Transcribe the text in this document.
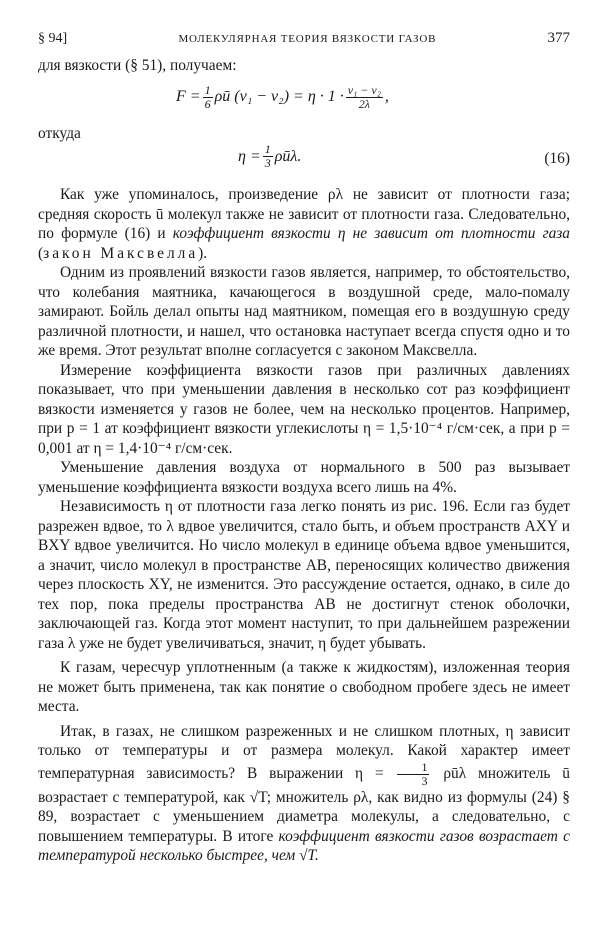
§ 94]	МОЛЕКУЛЯРНАЯ ТЕОРИЯ ВЯЗКОСТИ ГАЗОВ	377

для вязкости (§ 51), получаем:

$F = \frac{1}{6}$ ρū $(v_1 - v_2) = \eta \cdot 1 \cdot \frac{\text{v₁ − v₂}}{2\lambda}$ ,

откуда

$\eta = \frac{1}{3}$ ρūλ.	(16)

Как уже упоминалось, произведение ρλ не зависит от плотности газа; средняя скорость ū молекул также не зависит от плотности газа. Следовательно, по формуле (16) и коэффициент вязкости η не зависит от плотности газа (закон Максвелла).

Одним из проявлений вязкости газов является, например, то обстоятельство, что колебания маятника, качающегося в воздушной среде, мало-помалу замирают. Бойль делал опыты над маятником, помещая его в воздушную среду различной плотности, и нашел, что остановка наступает всегда спустя одно и то же время. Этот результат вполне согласуется с законом Максвелла.

Измерение коэффициента вязкости газов при различных давлениях показывает, что при уменьшении давления в несколько сот раз коэффициент вязкости изменяется у газов не более, чем на несколько процентов. Например, при p = 1 ат коэффициент вязкости углекислоты η = 1,5·10⁻⁴ г/см·сек, а при p = 0,001 ат η = 1,4·10⁻⁴ г/см·сек.

Уменьшение давления воздуха от нормального в 500 раз вызывает уменьшение коэффициента вязкости воздуха всего лишь на 4%.

Независимость η от плотности газа легко понять из рис. 196. Если газ будет разрежен вдвое, то λ вдвое увеличится, стало быть, и объем пространств AXY и BXY вдвое увеличится. Но число молекул в единице объема вдвое уменьшится, а значит, число молекул в пространстве AB, переносящих количество движения через плоскость XY, не изменится. Это рассуждение остается, однако, в силе до тех пор, пока пределы пространства AB не достигнут стенок оболочки, заключающей газ. Когда этот момент наступит, то при дальнейшем разрежении газа λ уже не будет увеличиваться, значит, η будет убывать.

К газам, чересчур уплотненным (а также к жидкостям), изложенная теория не может быть применена, так как понятие о свободном пробеге здесь не имеет места.

Итак, в газах, не слишком разреженных и не слишком плотных, η зависит только от температуры и от размера молекул. Какой характер имеет температурная зависимость? В выражении $\eta = \frac{1}{3}$ ρūλ множитель ū возрастает с температурой, как √T; множитель ρλ, как видно из формулы (24) § 89, возрастает с уменьшением диаметра молекулы, а следовательно, с повышением температуры. В итоге коэффициент вязкости газов возрастает с температурой несколько быстрее, чем √T.
